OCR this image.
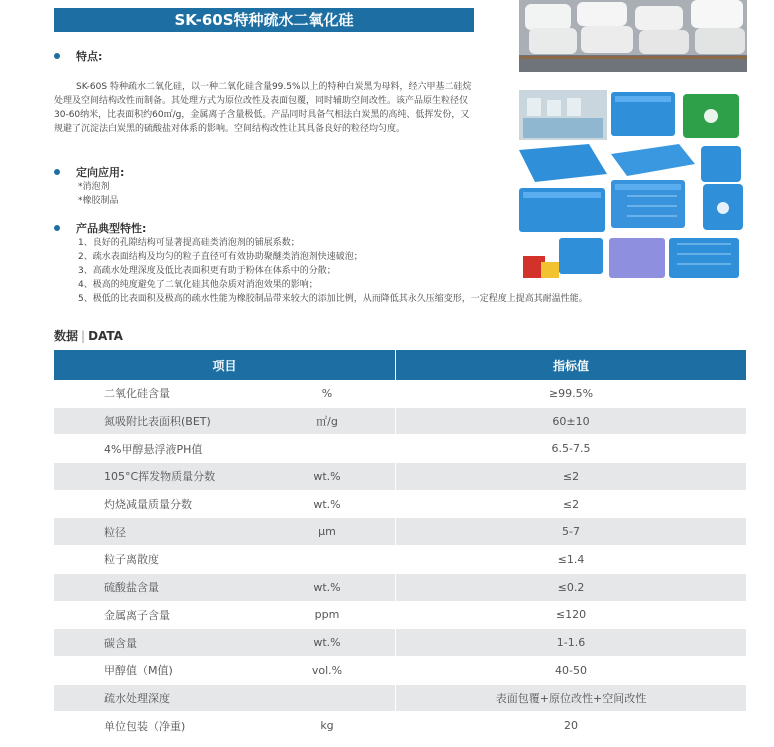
SK-60S特种疏水二氧化硅
特点:
SK-60S 特种疏水二氧化硅，以一种二氧化硅含量99.5%以上的特种白炭黑为母料，经六甲基二硅烷处理及空间结构改性而制备。其处理方式为原位改性及表面包覆，同时辅助空间改性。该产品原生粒径仅30-60纳米，比表面积约60㎡/g，金属离子含量极低。产品同时具备气相法白炭黑的高纯、低挥发份，又规避了沉淀法白炭黑的硫酸盐对体系的影响。空间结构改性让其具备良好的粒径均匀度。
定向应用:
*消泡剂
*橡胶制品
产品典型特性:
1、良好的孔隙结构可显著提高硅类消泡剂的铺展系数；
2、疏水表面结构及均匀的粒子直径可有效协助聚醚类消泡剂快速破泡；
3、高疏水处理深度及低比表面积更有助于粉体在体系中的分散；
4、极高的纯度避免了二氧化硅其他杂质对消泡效果的影响；
5、极低的比表面积及极高的疏水性能为橡胶制品带来较大的添加比例，从而降低其永久压缩变形，一定程度上提高其耐温性能。
数据 | DATA
项目		指标值
二氧化硅含量	%	≥99.5%
氮吸附比表面积(BET)	㎡/g	60±10
4%甲醇悬浮液PH值		6.5-7.5
105°C挥发物质量分数	wt.%	≤2
灼烧减量质量分数	wt.%	≤2
粒径	μm	5-7
粒子离散度		≤1.4
硫酸盐含量	wt.%	≤0.2
金属离子含量	ppm	≤120
碳含量	wt.%	1-1.6
甲醇值（M值)	vol.%	40-50
疏水处理深度		表面包覆+原位改性+空间改性
单位包装（净重)	kg	20
